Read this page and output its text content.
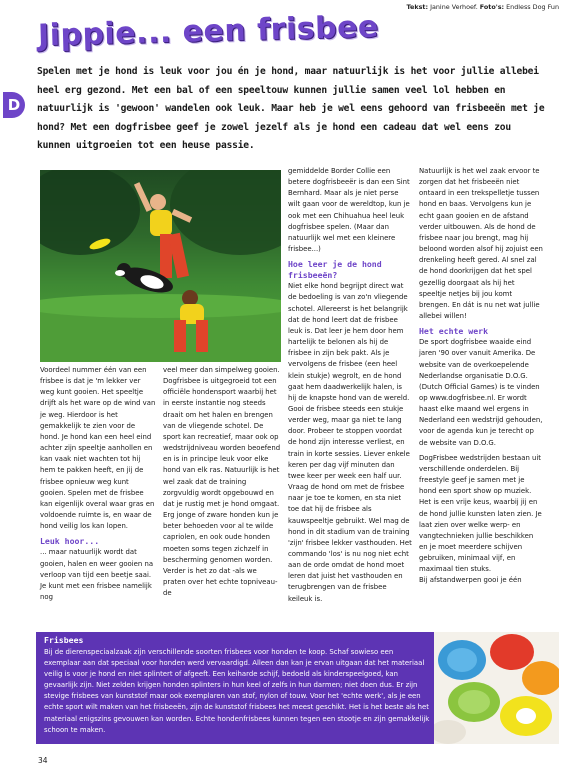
Tekst: Janine Verhoef. Foto's: Endless Dog Fun
Jippie... een frisbee
D
Spelen met je hond is leuk voor jou én je hond, maar natuurlijk is het voor jullie allebei heel erg gezond. Met een bal of een speeltouw kunnen jullie samen veel lol hebben en natuurlijk is 'gewoon' wandelen ook leuk. Maar heb je wel eens gehoord van frisbeeën met je hond? Met een dogfrisbee geef je zowel jezelf als je hond een cadeau dat wel eens zou kunnen uitgroeien tot een heuse passie.

Voordeel nummer één van een frisbee is dat je 'm lekker ver weg kunt gooien. Het speeltje drijft als het ware op de wind van je weg. Hierdoor is het gemakkelijk te zien voor de hond. Je hond kan een heel eind achter zijn speeltje aanhollen en kan vaak niet wachten tot hij hem te pakken heeft, en jij de frisbee opnieuw weg kunt gooien. Spelen met de frisbee kan eigenlijk overal waar gras en voldoende ruimte is, en waar de hond veilig los kan lopen.

Leuk hoor...

... maar natuurlijk wordt dat gooien, halen en weer gooien na verloop van tijd een beetje saai. Je kunt met een frisbee namelijk nog

veel meer dan simpelweg gooien. Dogfrisbee is uitgegroeid tot een officiële hondensport waarbij het in eerste instantie nog steeds draait om het halen en brengen van de vliegende schotel. De sport kan recreatief, maar ook op wedstrijdniveau worden beoefend en is in principe leuk voor elke hond van elk ras. Natuurlijk is het wel zaak dat de training zorgvuldig wordt opgebouwd en dat je rustig met je hond omgaat. Erg jonge of zware honden kun je beter behoeden voor al te wilde capriolen, en ook oude honden moeten soms tegen zichzelf in bescherming genomen worden. Verder is het zo dat -als we praten over het echte topniveau- de

gemiddelde Border Collie een betere dogfrisbeeër is dan een Sint Bernhard. Maar als je niet perse wilt gaan voor de wereldtop, kun je ook met een Chihuahua heel leuk dogfrisbee spelen. (Maar dan natuurlijk wel met een kleinere frisbee...)

Hoe leer je de hond frisbeeën?

Niet elke hond begrijpt direct wat de bedoeling is van zo'n vliegende schotel. Allereerst is het belangrijk dat de hond leert dat de frisbee leuk is. Dat leer je hem door hem hartelijk te belonen als hij de frisbee in zijn bek pakt. Als je vervolgens de frisbee (een heel klein stukje) wegrolt, en de hond gaat hem daadwerkelijk halen, is hij de knapste hond van de wereld. Gooi de frisbee steeds een stukje verder weg, maar ga niet te lang door. Probeer te stoppen voordat de hond zijn interesse verliest, en train in korte sessies. Liever enkele keren per dag vijf minuten dan twee keer per week een half uur. Vraag de hond om met de frisbee naar je toe te komen, en sta niet toe dat hij de frisbee als kauwspeeltje gebruikt. Wel mag de hond in dit stadium van de training 'zijn' frisbee lekker vasthouden. Het commando 'los' is nu nog niet echt aan de orde omdat de hond moet leren dat juist het vasthouden en terugbrengen van de frisbee keileuk is.

Natuurlijk is het wel zaak ervoor te zorgen dat het frisbeeën niet ontaard in een trekspelletje tussen hond en baas. Vervolgens kun je echt gaan gooien en de afstand verder uitbouwen. Als de hond de frisbee naar jou brengt, mag hij beloond worden alsof hij zojuist een drenkeling heeft gered. Al snel zal de hond doorkrijgen dat het spel gezellig doorgaat als hij het speeltje netjes bij jou komt brengen. En dát is nu net wat jullie allebei willen!

Het echte werk

De sport dogfrisbee waaide eind jaren '90 over vanuit Amerika. De website van de overkoepelende Nederlandse organisatie D.O.G. (Dutch Official Games) is te vinden op www.dogfrisbee.nl. Er wordt haast elke maand wel ergens in Nederland een wedstrijd gehouden, voor de agenda kun je terecht op de website van D.O.G.

DogFrisbee wedstrijden bestaan uit verschillende onderdelen. Bij freestyle geef je samen met je hond een sport show op muziek. Het is een vrije keus, waarbij jij en de hond jullie kunsten laten zien. Je laat zien over welke werp- en vangtechnieken jullie beschikken en je moet meerdere schijven gebruiken, minimaal vijf, en maximaal tien stuks.

Bij afstandwerpen gooi je één

Frisbees
Bij de dierenspeciaalzaak zijn verschillende soorten frisbees voor honden te koop. Schaf sowieso een exemplaar aan dat speciaal voor honden werd vervaardigd. Alleen dan kan je ervan uitgaan dat het materiaal veilig is voor je hond en niet splintert of afgeeft. Een keiharde schijf, bedoeld als kinderspeelgoed, kan gevaarlijk zijn. Niet zelden krijgen honden splinters in hun keel of zelfs in hun darmen; niet doen dus. Er zijn stevige frisbees van kunststof maar ook exemplaren van stof, nylon of touw. Voor het 'echte werk', als je een echte sport wilt maken van het frisbeeën, zijn de kunststof frisbees het meest geschikt. Het is het beste als het materiaal enigszins gevouwen kan worden. Echte hondenfrisbees kunnen tegen een stootje en zijn gemakkelijk schoon te maken.
34
